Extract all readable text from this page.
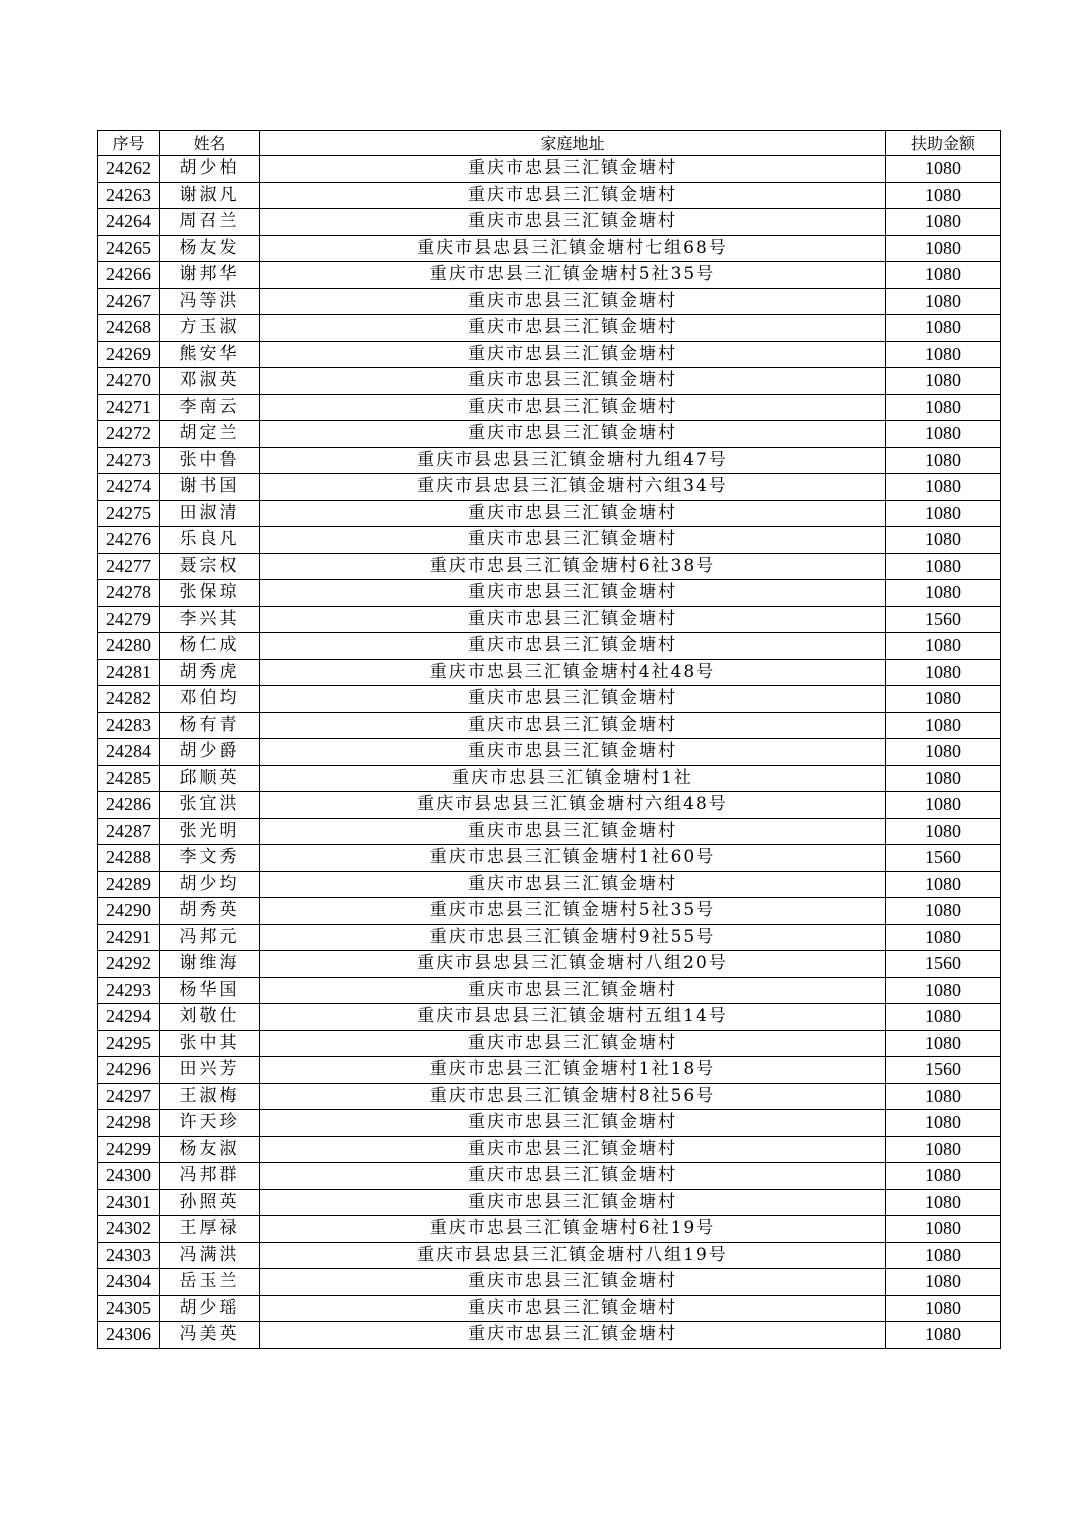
序号	姓名	家庭地址	扶助金额
24262	胡少柏	重庆市忠县三汇镇金塘村	1080
24263	谢淑凡	重庆市忠县三汇镇金塘村	1080
24264	周召兰	重庆市忠县三汇镇金塘村	1080
24265	杨友发	重庆市县忠县三汇镇金塘村七组68号	1080
24266	谢邦华	重庆市忠县三汇镇金塘村5社35号	1080
24267	冯等洪	重庆市忠县三汇镇金塘村	1080
24268	方玉淑	重庆市忠县三汇镇金塘村	1080
24269	熊安华	重庆市忠县三汇镇金塘村	1080
24270	邓淑英	重庆市忠县三汇镇金塘村	1080
24271	李南云	重庆市忠县三汇镇金塘村	1080
24272	胡定兰	重庆市忠县三汇镇金塘村	1080
24273	张中鲁	重庆市县忠县三汇镇金塘村九组47号	1080
24274	谢书国	重庆市县忠县三汇镇金塘村六组34号	1080
24275	田淑清	重庆市忠县三汇镇金塘村	1080
24276	乐良凡	重庆市忠县三汇镇金塘村	1080
24277	聂宗权	重庆市忠县三汇镇金塘村6社38号	1080
24278	张保琼	重庆市忠县三汇镇金塘村	1080
24279	李兴其	重庆市忠县三汇镇金塘村	1560
24280	杨仁成	重庆市忠县三汇镇金塘村	1080
24281	胡秀虎	重庆市忠县三汇镇金塘村4社48号	1080
24282	邓伯均	重庆市忠县三汇镇金塘村	1080
24283	杨有青	重庆市忠县三汇镇金塘村	1080
24284	胡少爵	重庆市忠县三汇镇金塘村	1080
24285	邱顺英	重庆市忠县三汇镇金塘村1社	1080
24286	张宜洪	重庆市县忠县三汇镇金塘村六组48号	1080
24287	张光明	重庆市忠县三汇镇金塘村	1080
24288	李文秀	重庆市忠县三汇镇金塘村1社60号	1560
24289	胡少均	重庆市忠县三汇镇金塘村	1080
24290	胡秀英	重庆市忠县三汇镇金塘村5社35号	1080
24291	冯邦元	重庆市忠县三汇镇金塘村9社55号	1080
24292	谢维海	重庆市县忠县三汇镇金塘村八组20号	1560
24293	杨华国	重庆市忠县三汇镇金塘村	1080
24294	刘敬仕	重庆市县忠县三汇镇金塘村五组14号	1080
24295	张中其	重庆市忠县三汇镇金塘村	1080
24296	田兴芳	重庆市忠县三汇镇金塘村1社18号	1560
24297	王淑梅	重庆市忠县三汇镇金塘村8社56号	1080
24298	许天珍	重庆市忠县三汇镇金塘村	1080
24299	杨友淑	重庆市忠县三汇镇金塘村	1080
24300	冯邦群	重庆市忠县三汇镇金塘村	1080
24301	孙照英	重庆市忠县三汇镇金塘村	1080
24302	王厚禄	重庆市忠县三汇镇金塘村6社19号	1080
24303	冯满洪	重庆市县忠县三汇镇金塘村八组19号	1080
24304	岳玉兰	重庆市忠县三汇镇金塘村	1080
24305	胡少瑶	重庆市忠县三汇镇金塘村	1080
24306	冯美英	重庆市忠县三汇镇金塘村	1080
